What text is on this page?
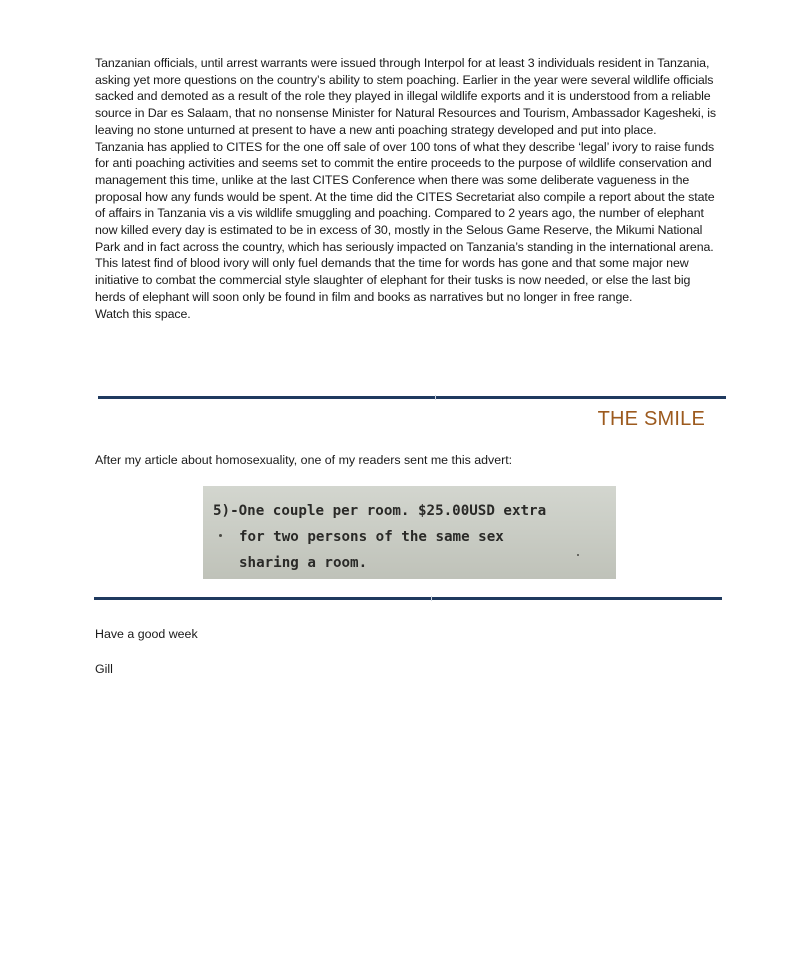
Tanzanian officials, until arrest warrants were issued through Interpol for at least 3 individuals resident in Tanzania, asking yet more questions on the country’s ability to stem poaching. Earlier in the year were several wildlife officials sacked and demoted as a result of the role they played in illegal wildlife exports and it is understood from a reliable source in Dar es Salaam, that no nonsense Minister for Natural Resources and Tourism, Ambassador Kagesheki, is leaving no stone unturned at present to have a new anti poaching strategy developed and put into place.

Tanzania has applied to CITES for the one off sale of over 100 tons of what they describe ‘legal’ ivory to raise funds for anti poaching activities and seems set to commit the entire proceeds to the purpose of wildlife conservation and management this time, unlike at the last CITES Conference when there was some deliberate vagueness in the proposal how any funds would be spent. At the time did the CITES Secretariat also compile a report about the state of affairs in Tanzania vis a vis wildlife smuggling and poaching. Compared to 2 years ago, the number of elephant now killed every day is estimated to be in excess of 30, mostly in the Selous Game Reserve, the Mikumi National Park and in fact across the country, which has seriously impacted on Tanzania’s standing in the international arena. This latest find of blood ivory will only fuel demands that the time for words has gone and that some major new initiative to combat the commercial style slaughter of elephant for their tusks is now needed, or else the last big herds of elephant will soon only be found in film and books as narratives but no longer in free range.

Watch this space.

THE SMILE
After my article about homosexuality, one of my readers sent me this advert:
5)-One couple per room. $25.00USD extra
for two persons of the same sex
sharing a room.
Have a good week
Gill
